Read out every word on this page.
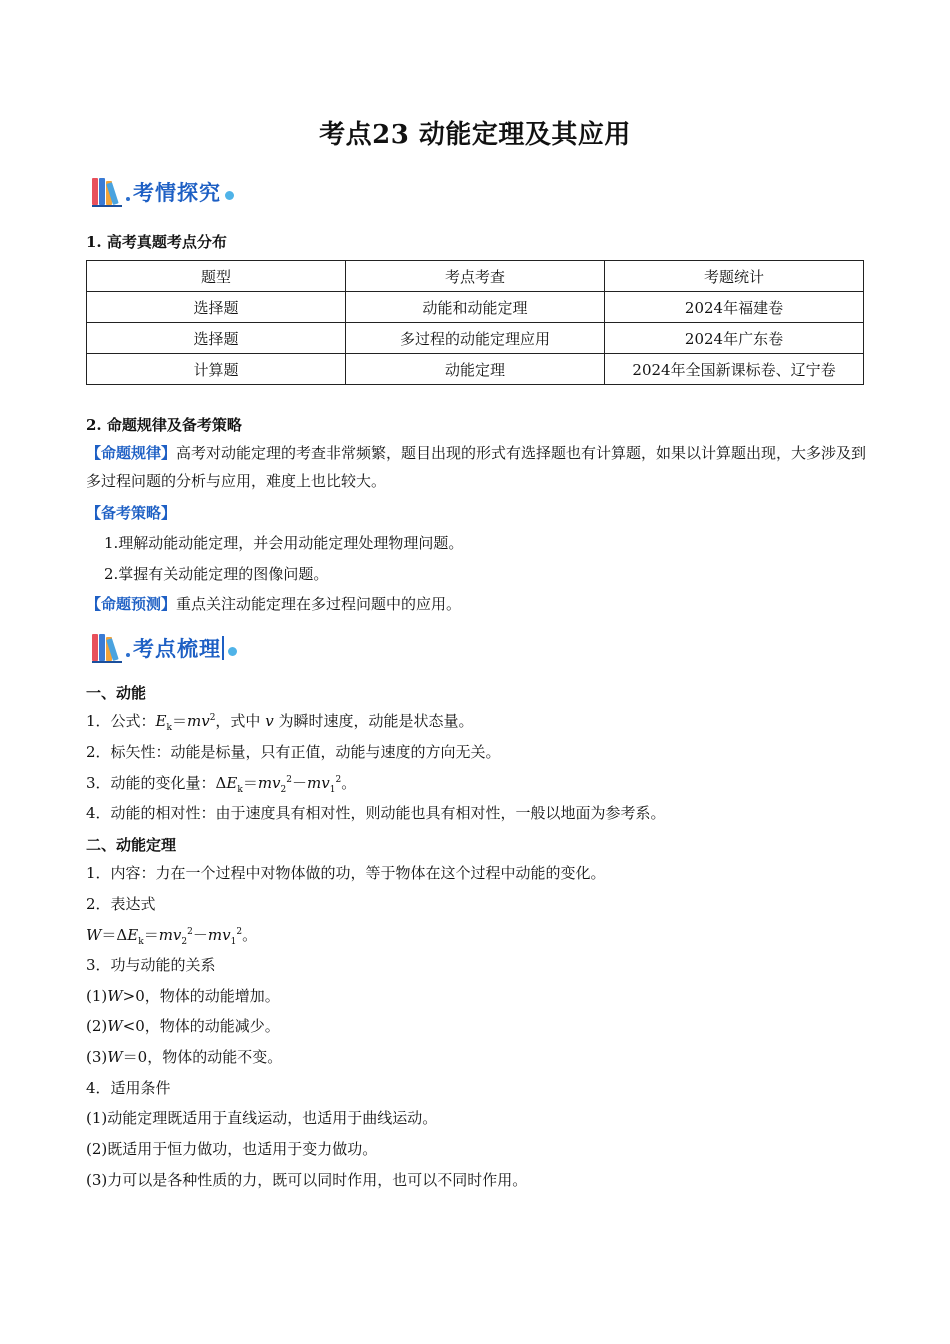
考点23 动能定理及其应用
考情探究
1. 高考真题考点分布
题型	考点考查	考题统计
选择题	动能和动能定理	2024年福建卷
选择题	多过程的动能定理应用	2024年广东卷
计算题	动能定理	2024年全国新课标卷、辽宁卷
2. 命题规律及备考策略
【命题规律】高考对动能定理的考查非常频繁，题目出现的形式有选择题也有计算题，如果以计算题出现，大多涉及到多过程问题的分析与应用，难度上也比较大。
【备考策略】
1.理解动能动能定理，并会用动能定理处理物理问题。
2.掌握有关动能定理的图像问题。
【命题预测】重点关注动能定理在多过程问题中的应用。
考点梳理
一、动能
1．公式：$E_k=mv^2$，式中 v 为瞬时速度，动能是状态量。
2．标矢性：动能是标量，只有正值，动能与速度的方向无关。
3．动能的变化量：$\Delta E_k=mv_2^2-mv_1^2$。
4．动能的相对性：由于速度具有相对性，则动能也具有相对性，一般以地面为参考系。
二、动能定理
1．内容：力在一个过程中对物体做的功，等于物体在这个过程中动能的变化。
2．表达式
$W=\Delta E_k=mv_2^2-mv_1^2$。
3．功与动能的关系
(1)W>0，物体的动能增加。
(2)W<0，物体的动能减少。
(3)W＝0，物体的动能不变。
4．适用条件
(1)动能定理既适用于直线运动，也适用于曲线运动。
(2)既适用于恒力做功，也适用于变力做功。
(3)力可以是各种性质的力，既可以同时作用，也可以不同时作用。
